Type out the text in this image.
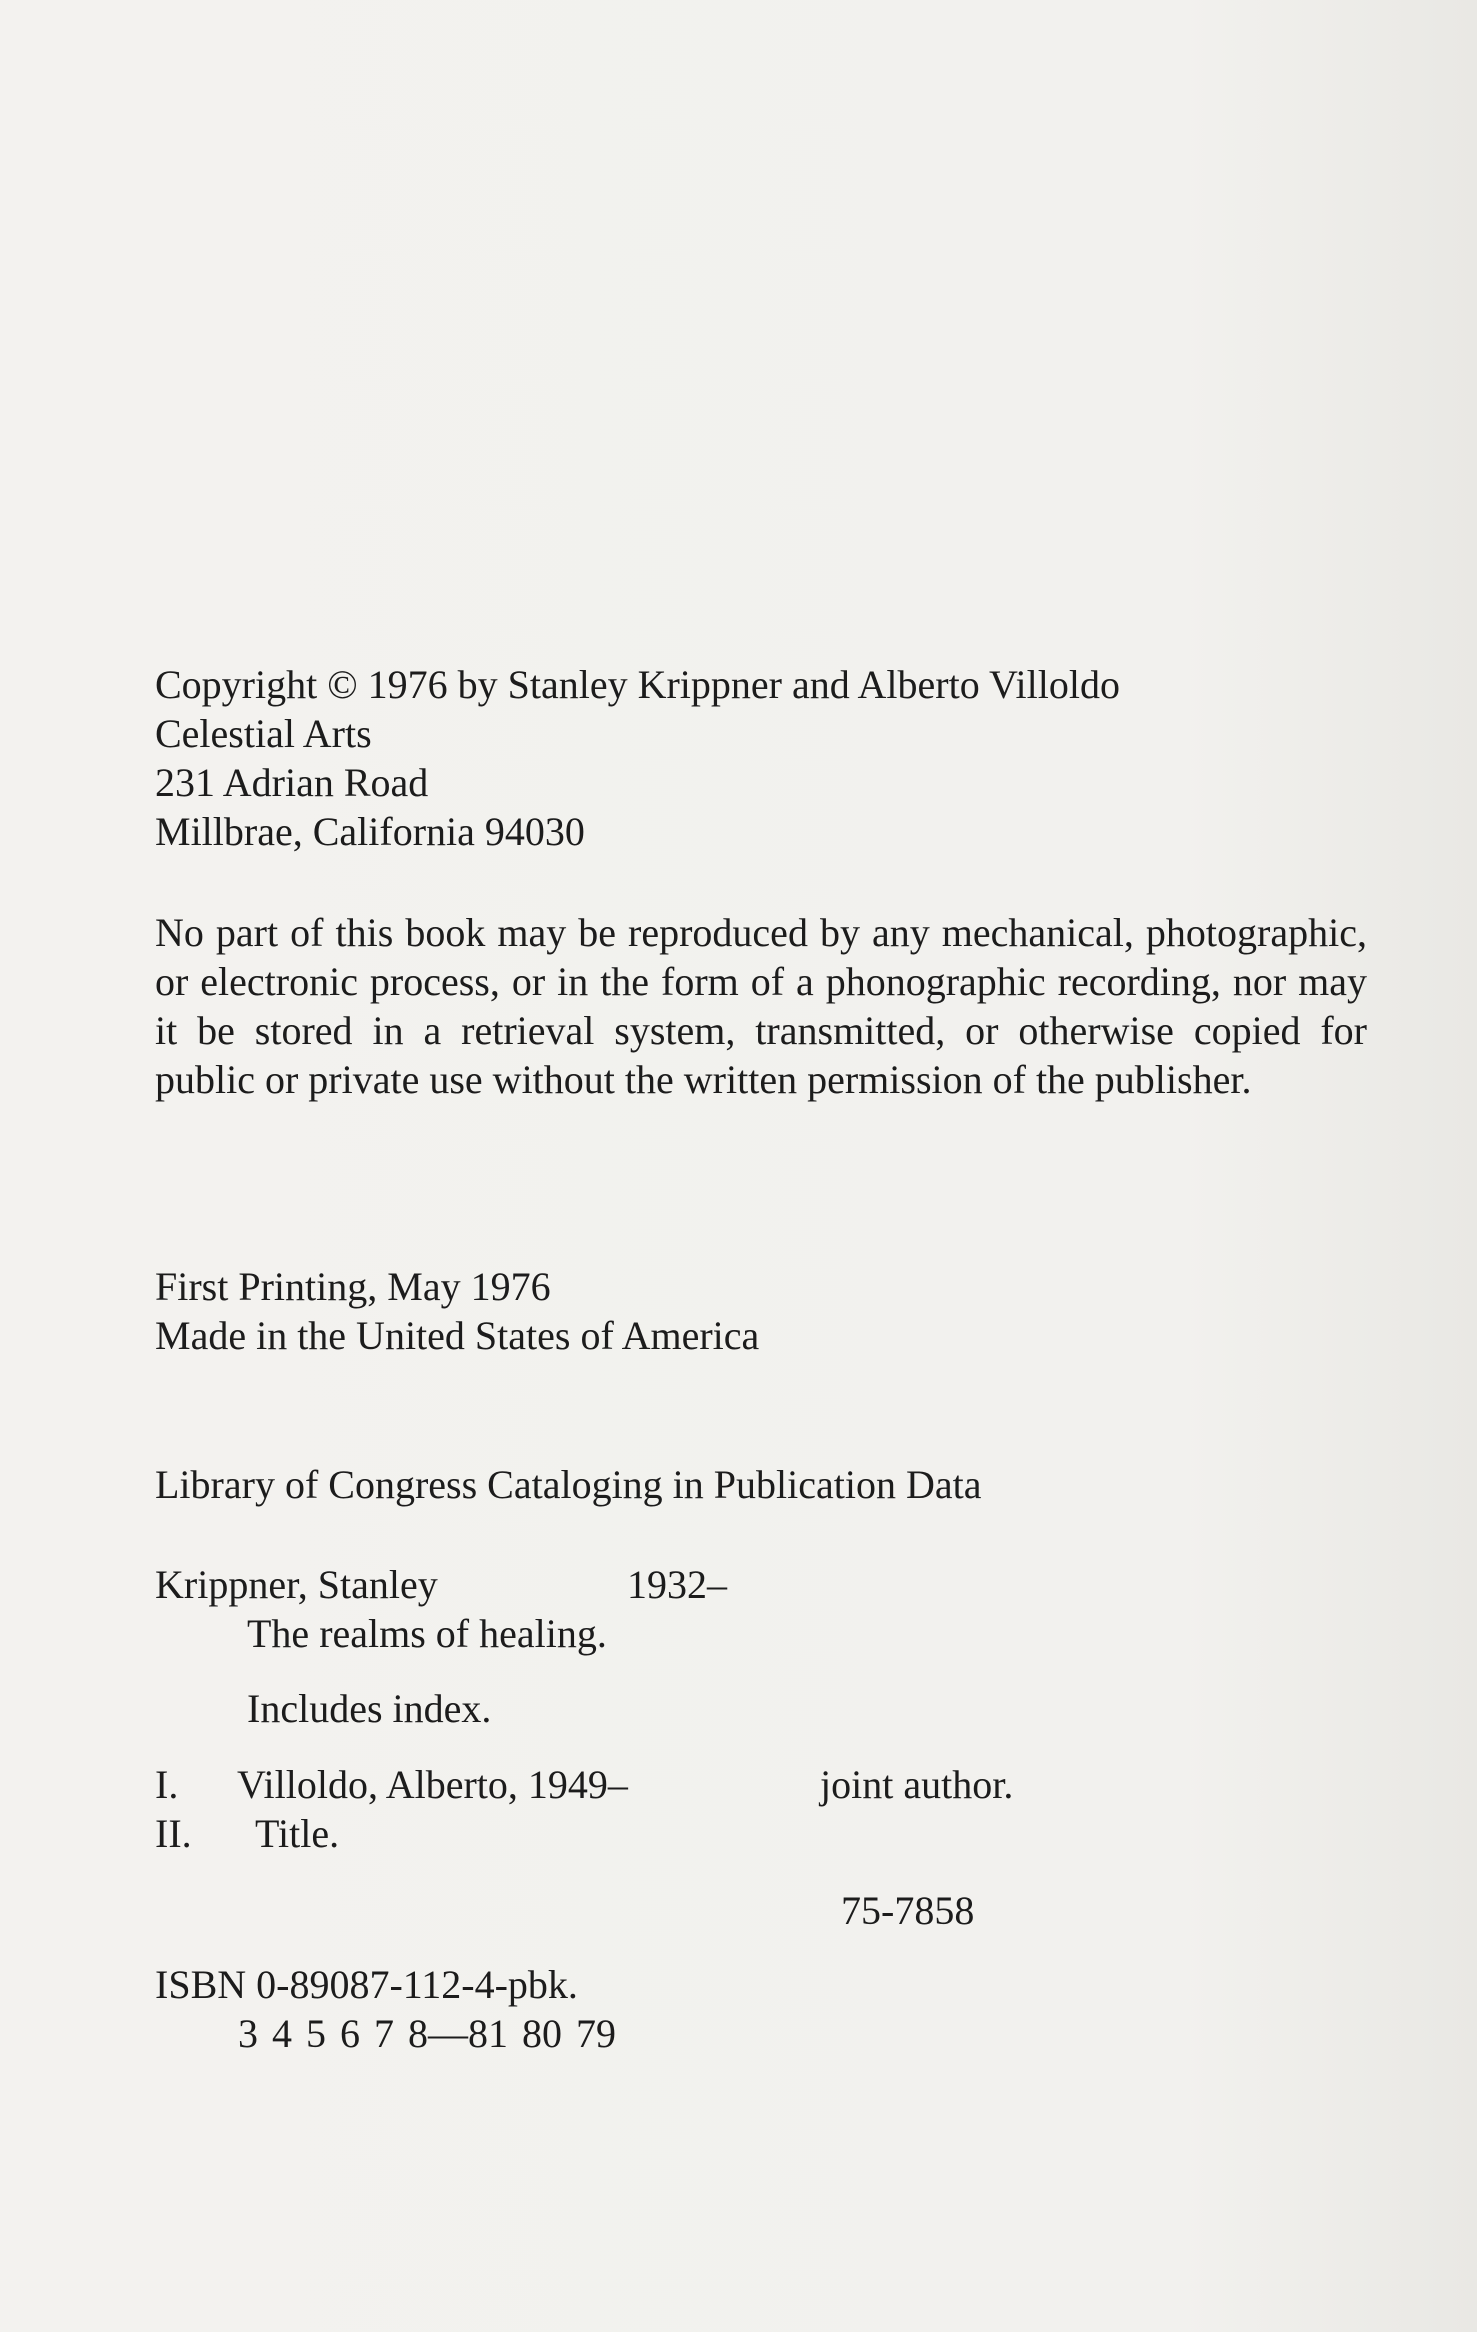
Copyright © 1976 by Stanley Krippner and Alberto Villoldo
Celestial Arts
231 Adrian Road
Millbrae, California 94030
No part of this book may be reproduced by any mechanical, photographic, or electronic process, or in the form of a phonographic recording, nor may it be stored in a retrieval system, transmitted, or otherwise copied for public or private use without the written permission of the publisher.
First Printing, May 1976
Made in the United States of America
Library of Congress Cataloging in Publication Data
Krippner, Stanley	1932–
The realms of healing.
Includes index.
I. Villoldo, Alberto, 1949–	joint author.
II. Title.
75-7858
ISBN 0-89087-112-4-pbk.
3 4 5 6 7 8—81 80 79
